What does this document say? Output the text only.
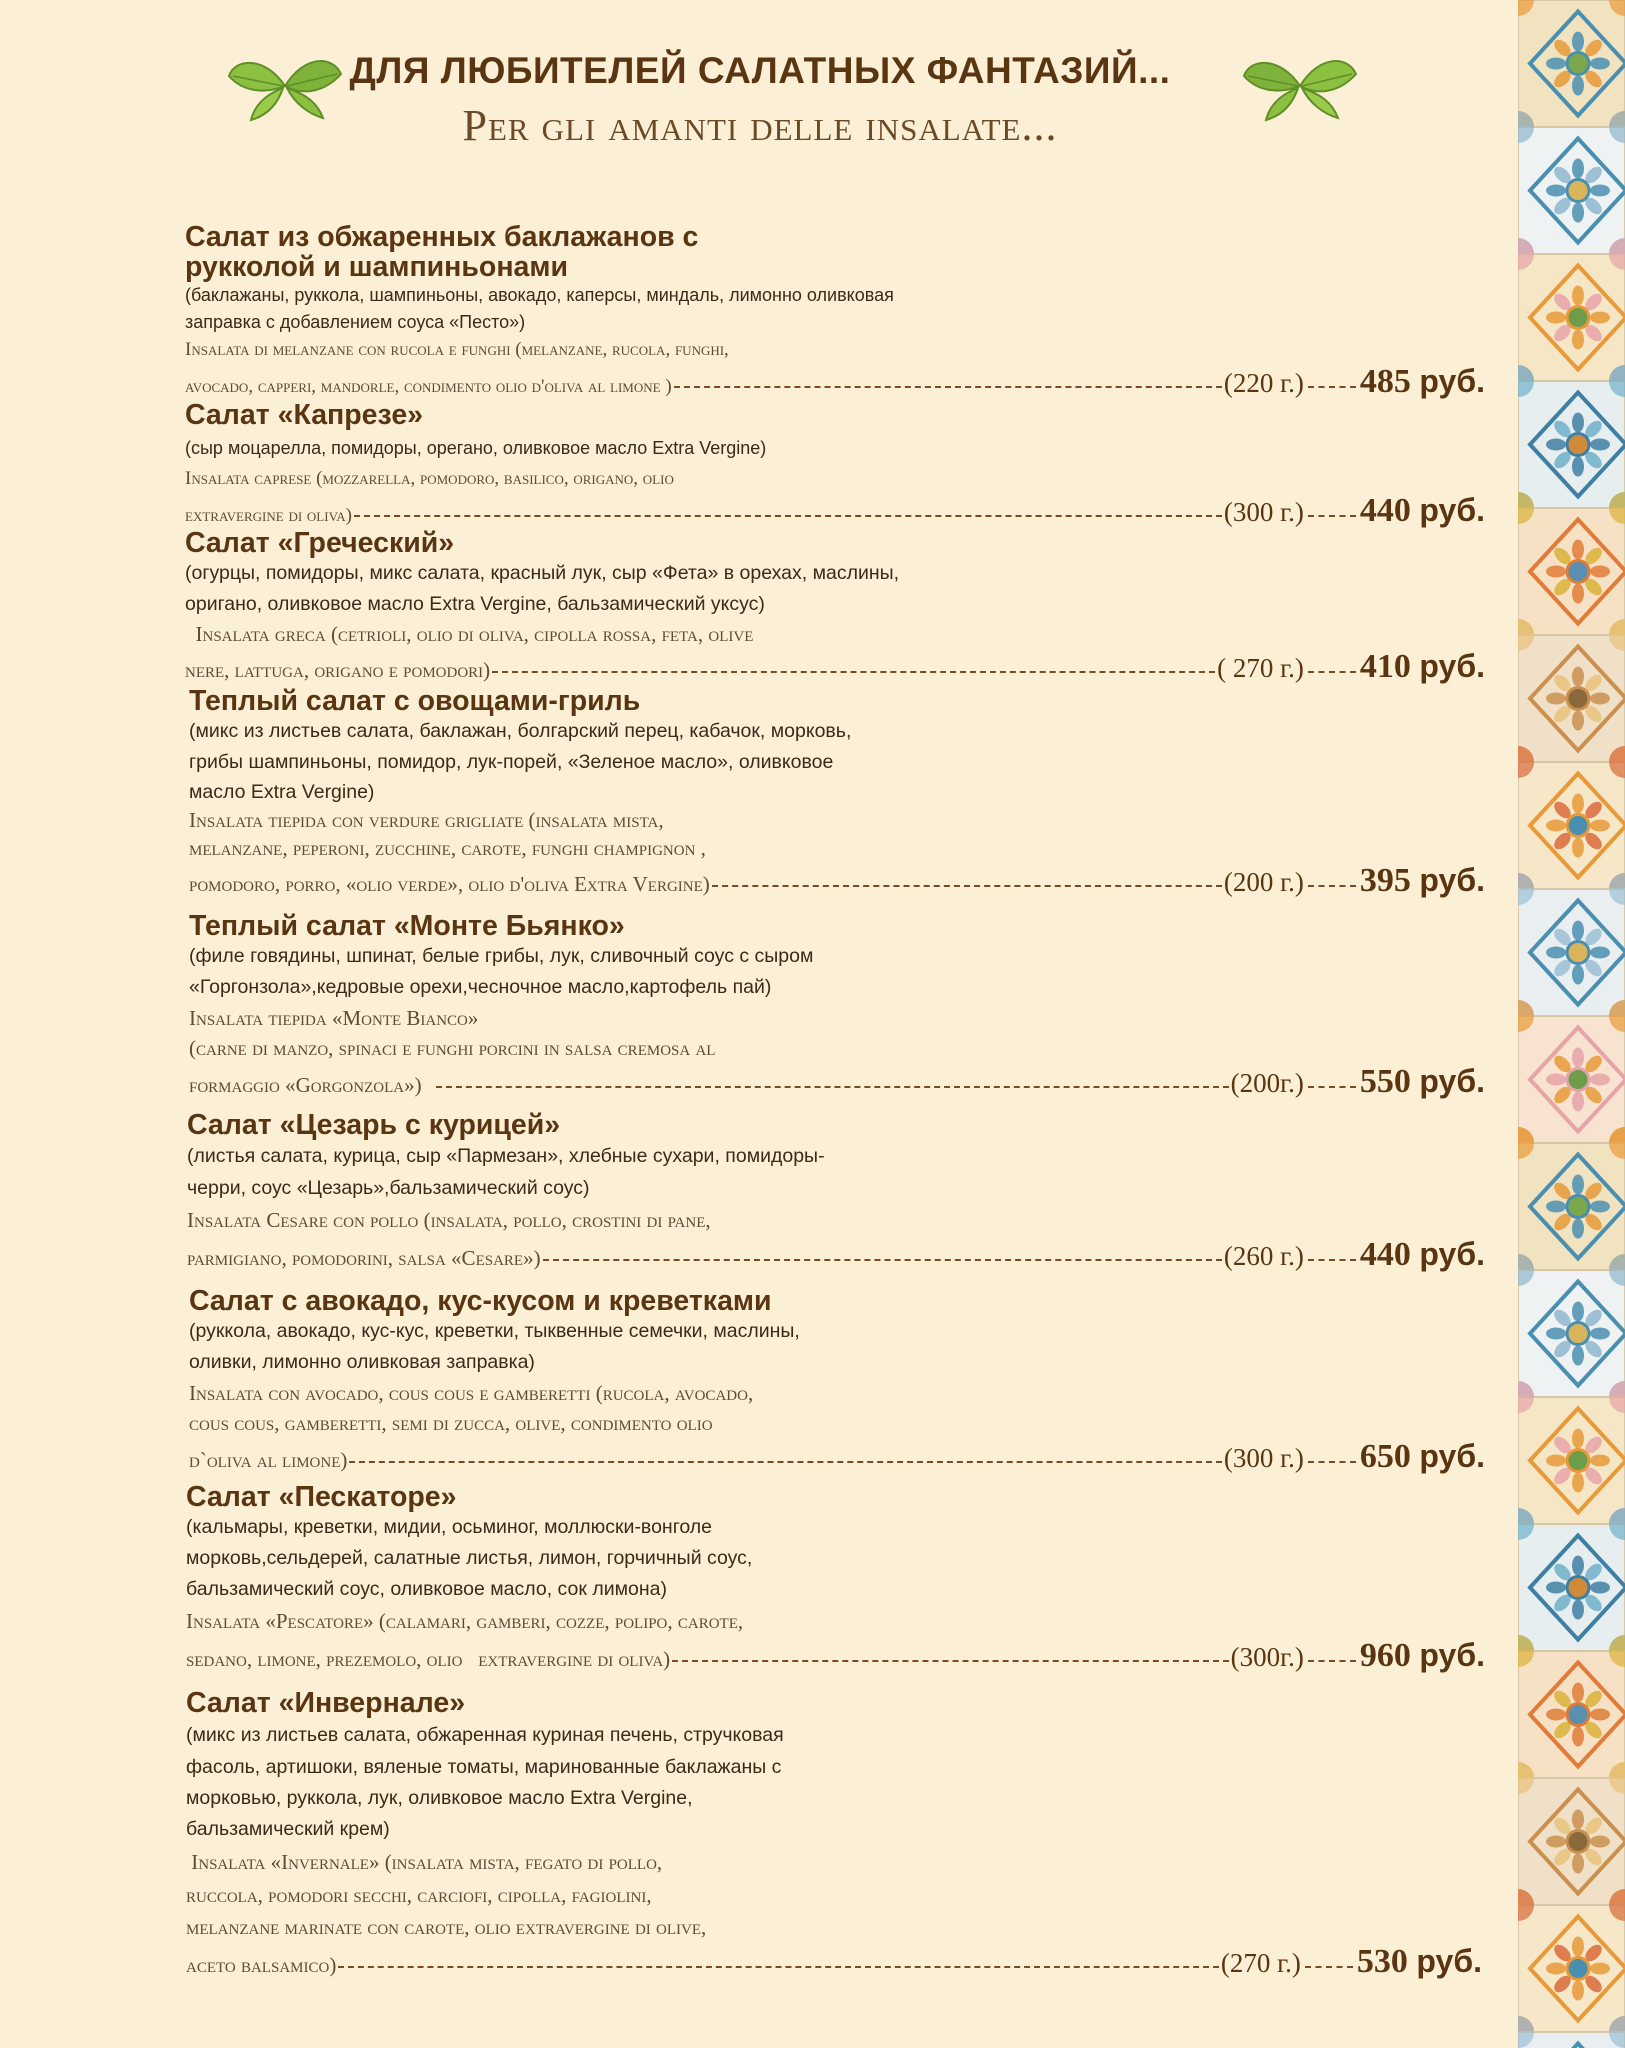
ДЛЯ ЛЮБИТЕЛЕЙ САЛАТНЫХ ФАНТАЗИЙ...
Per gli amanti delle insalate...
Салат из обжаренных баклажанов с
рукколой и шампиньонами
(баклажаны, руккола, шампиньоны, авокадо, каперсы, миндаль, лимонно оливковая
заправка с добавлением соуса «Песто»)
Insalata di melanzane con rucola e funghi (melanzane, rucola, funghi,
avocado, capperi, mandorle, condimento olio d'oliva al limone )	(220 г.) 485 руб.
Салат «Капрезе»
(сыр моцарелла, помидоры, орегано, оливковое масло Extra Vergine)
Insalata caprese (mozzarella, pomodoro, basilico, origano, olio
extravergine di oliva)	(300 г.) 440 руб.
Салат «Греческий»
(огурцы, помидоры, микс салата, красный лук, сыр «Фета» в орехах, маслины,
оригано, оливковое масло Extra Vergine, бальзамический уксус)
Insalata greca (cetrioli, olio di oliva, cipolla rossa, feta, olive
nere, lattuga, origano e pomodori)	( 270 г.) 410 руб.
Теплый салат с овощами-гриль
(микс из листьев салата, баклажан, болгарский перец, кабачок, морковь,
грибы шампиньоны, помидор, лук-порей, «Зеленое масло», оливковое
масло Extra Vergine)
Insalata tiepida con verdure grigliate (insalata mista,
melanzane, peperoni, zucchine, carote, funghi champignon ,
pomodoro, porro, «olio verde», olio d'oliva Extra Vergine)	(200 г.) 395 руб.
Теплый салат «Монте Бьянко»
(филе говядины, шпинат, белые грибы, лук, сливочный соус с сыром
«Горгонзола»,кедровые орехи,чесночное масло,картофель пай)
Insalata tiepida «Monte Bianco»
(carne di manzo, spinaci e funghi porcini in salsa cremosa al
formaggio «Gorgonzola»)	(200г.) 550 руб.
Салат «Цезарь с курицей»
(листья салата, курица, сыр «Пармезан», хлебные сухари, помидоры-
черри, соус «Цезарь»,бальзамический соус)
Insalata Cesare con pollo (insalata, pollo, crostini di pane,
parmigiano, pomodorini, salsa «Cesare»)	(260 г.) 440 руб.
Салат с авокадо, кус-кусом и креветками
(руккола, авокадо, кус-кус, креветки, тыквенные семечки, маслины,
оливки, лимонно оливковая заправка)
Insalata con avocado, cous cous e gamberetti (rucola, avocado,
cous cous, gamberetti, semi di zucca, olive, condimento olio
d`oliva al limone)	(300 г.) 650 руб.
Салат «Пескаторе»
(кальмары, креветки, мидии, осьминог, моллюски-вонголе
морковь,сельдерей, салатные листья, лимон, горчичный соус,
бальзамический соус, оливковое масло, сок лимона)
Insalata «Pescatore» (calamari, gamberi, cozze, polipo, carote,
sedano, limone, prezemolo, olio   extravergine di oliva)	(300г.) 960 руб.
Салат «Инвернале»
(микс из листьев салата, обжаренная куриная печень, стручковая
фасоль, артишоки, вяленые томаты, маринованные баклажаны с
морковью, руккола, лук, оливковое масло Extra Vergine,
бальзамический крем)
Insalata «Invernale» (insalata mista, fegato di pollo,
rucсola, pomodori secchi, carciofi, cipolla, fagiolini,
melanzane marinate con carote, olio extravergine di olive,
aceto balsamico)	(270 г.) 530 руб.
